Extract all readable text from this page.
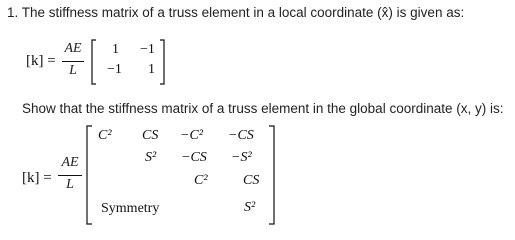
1. The stiffness matrix of a truss element in a local coordinate (x̂) is given as:
[k] =
AE
L
1 −1
−1 1
Show that the stiffness matrix of a truss element in the global coordinate (x, y) is:
[k] =
AE
L
C² CS −C² −CS
S² −CS −S²
C²	CS
S²
Symmetry
